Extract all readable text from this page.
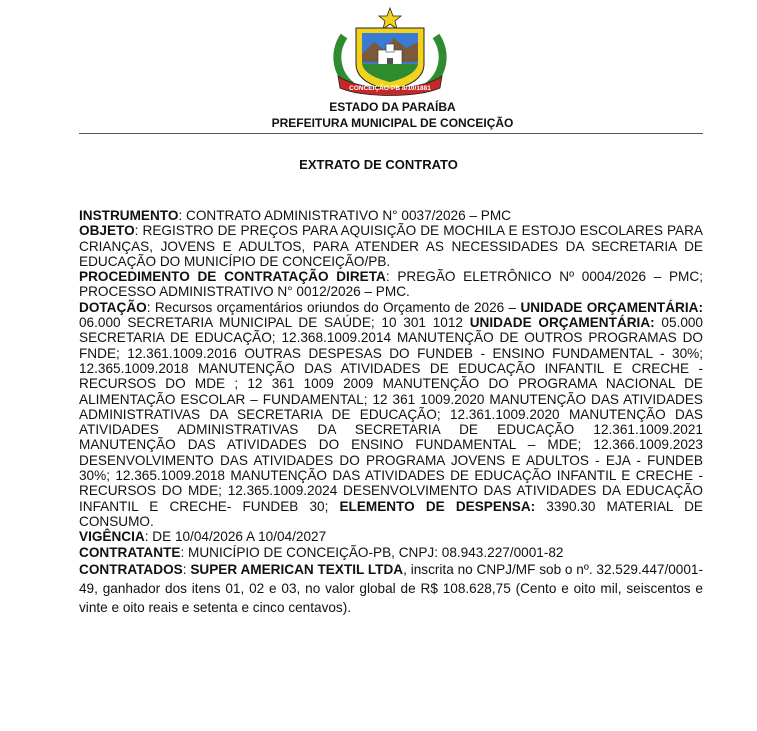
CONCEIÇÃO-PB 8/10/1881
ESTADO DA PARAÍBA
PREFEITURA MUNICIPAL DE CONCEIÇÃO
EXTRATO DE CONTRATO

INSTRUMENTO: CONTRATO ADMINISTRATIVO N° 0037/2026 – PMC

OBJETO: REGISTRO DE PREÇOS PARA AQUISIÇÃO DE MOCHILA E ESTOJO ESCOLARES PARA CRIANÇAS, JOVENS E ADULTOS, PARA ATENDER AS NECESSIDADES DA SECRETARIA DE EDUCAÇÃO DO MUNICÍPIO DE CONCEIÇÃO/PB.

PROCEDIMENTO DE CONTRATAÇÃO DIRETA: PREGÃO ELETRÔNICO Nº 0004/2026 – PMC; PROCESSO ADMINISTRATIVO N° 0012/2026 – PMC.

DOTAÇÃO: Recursos orçamentários oriundos do Orçamento de 2026 – UNIDADE ORÇAMENTÁRIA: 06.000 SECRETARIA MUNICIPAL DE SAÚDE; 10 301 1012 UNIDADE ORÇAMENTÁRIA: 05.000 SECRETARIA DE EDUCAÇÃO; 12.368.1009.2014 MANUTENÇÃO DE OUTROS PROGRAMAS DO FNDE; 12.361.1009.2016 OUTRAS DESPESAS DO FUNDEB - ENSINO FUNDAMENTAL - 30%; 12.365.1009.2018 MANUTENÇÃO DAS ATIVIDADES DE EDUCAÇÃO INFANTIL E CRECHE - RECURSOS DO MDE ; 12 361 1009 2009 MANUTENÇÃO DO PROGRAMA NACIONAL DE ALIMENTAÇÃO ESCOLAR – FUNDAMENTAL; 12 361 1009.2020 MANUTENÇÃO DAS ATIVIDADES ADMINISTRATIVAS DA SECRETARIA DE EDUCAÇÃO; 12.361.1009.2020 MANUTENÇÃO DAS ATIVIDADES ADMINISTRATIVAS DA SECRETARIA DE EDUCAÇÃO 12.361.1009.2021 MANUTENÇÃO DAS ATIVIDADES DO ENSINO FUNDAMENTAL – MDE; 12.366.1009.2023 DESENVOLVIMENTO DAS ATIVIDADES DO PROGRAMA JOVENS E ADULTOS - EJA - FUNDEB 30%; 12.365.1009.2018 MANUTENÇÃO DAS ATIVIDADES DE EDUCAÇÃO INFANTIL E CRECHE - RECURSOS DO MDE; 12.365.1009.2024 DESENVOLVIMENTO DAS ATIVIDADES DA EDUCAÇÃO INFANTIL E CRECHE- FUNDEB 30; ELEMENTO DE DESPENSA: 3390.30 MATERIAL DE CONSUMO.

VIGÊNCIA: DE 10/04/2026 A 10/04/2027

CONTRATANTE: MUNICÍPIO DE CONCEIÇÃO-PB, CNPJ: 08.943.227/0001-82

CONTRATADOS: SUPER AMERICAN TEXTIL LTDA, inscrita no CNPJ/MF sob o nº. 32.529.447/0001-49, ganhador dos itens 01, 02 e 03, no valor global de R$ 108.628,75 (Cento e oito mil, seiscentos e vinte e oito reais e setenta e cinco centavos).
